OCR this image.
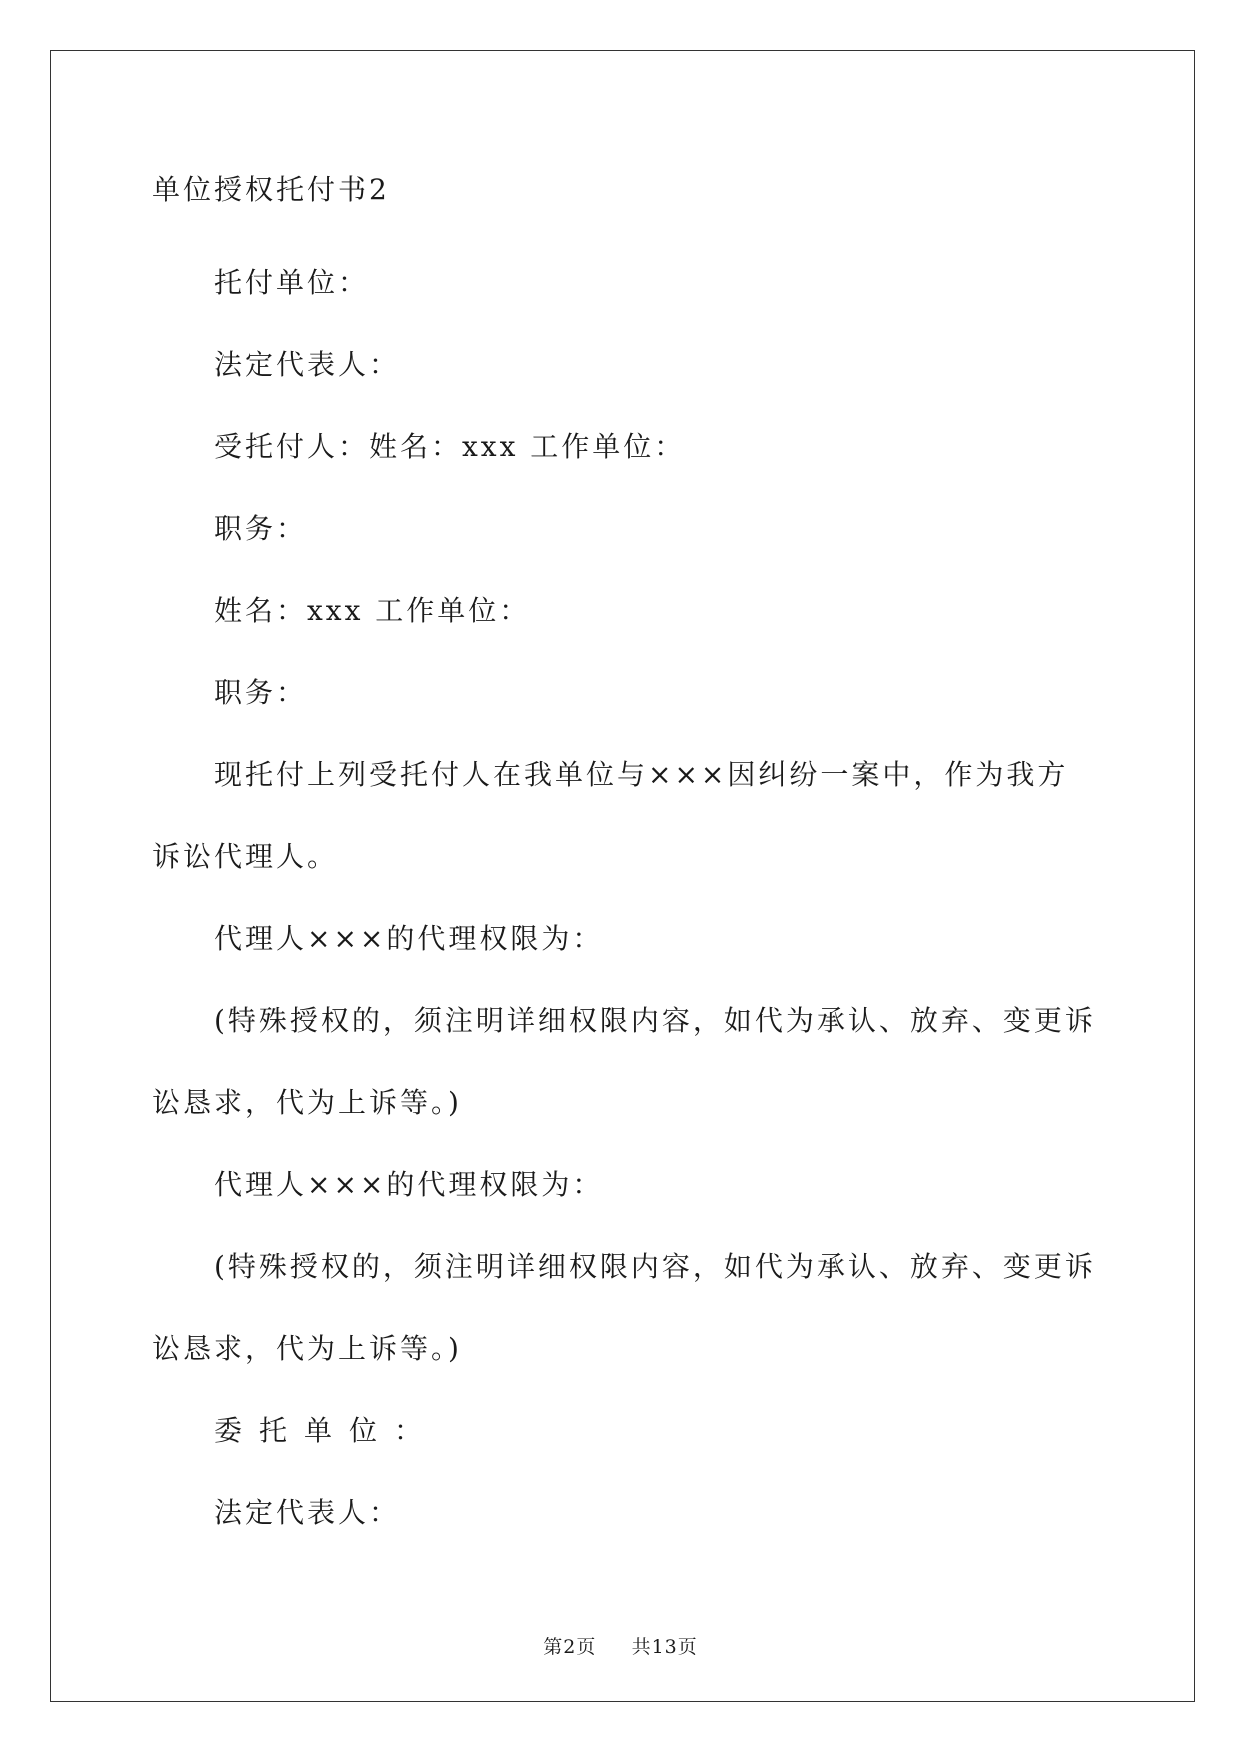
单位授权托付书2
托付单位：
法定代表人：
受托付人：姓名：xxx 工作单位：
职务：
姓名：xxx 工作单位：
职务：
现托付上列受托付人在我单位与×××因纠纷一案中，作为我方
诉讼代理人。
代理人×××的代理权限为：
(特殊授权的，须注明详细权限内容，如代为承认、放弃、变更诉
讼恳求，代为上诉等。)
代理人×××的代理权限为：
(特殊授权的，须注明详细权限内容，如代为承认、放弃、变更诉
讼恳求，代为上诉等。)
委托单位：
法定代表人：
第2页 共13页
